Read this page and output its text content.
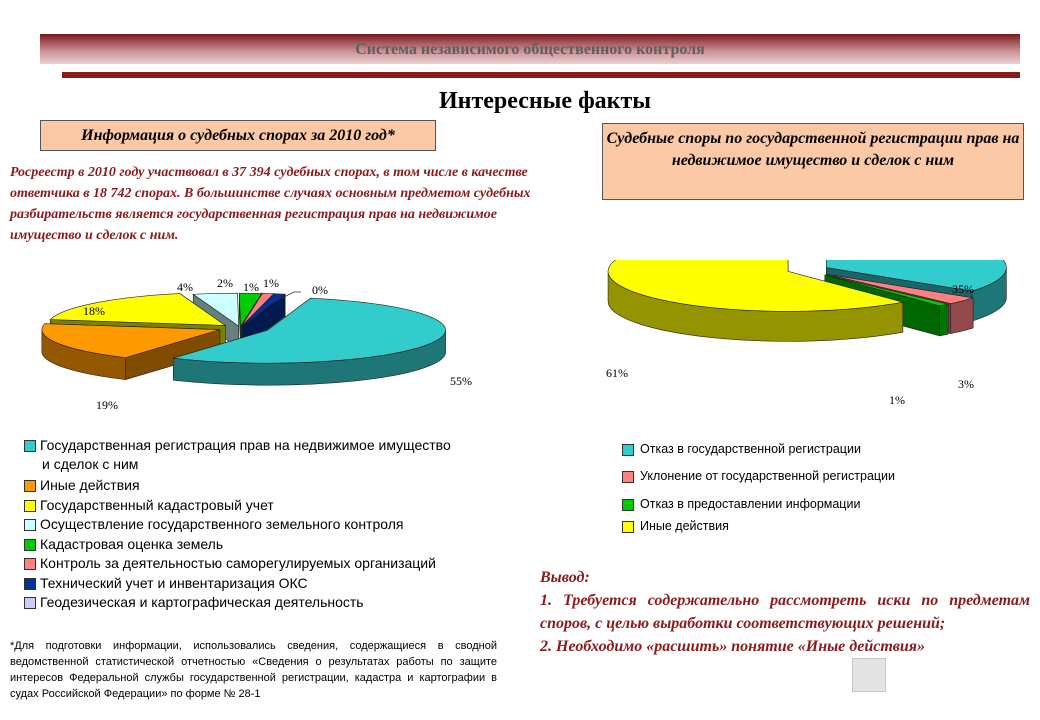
Система независимого общественного контроля
Интересные факты
Информация о судебных спорах за 2010 год*	Судебные споры по государственной регистрации прав на недвижимое имущество и сделок с ним
Росреестр в 2010 году участвовал в 37 394 судебных спорах, в том числе в качестве ответчика в 18 742 спорах. В большинстве случаях основным предметом судебных разбирательств является государственная регистрация прав на недвижимое имущество и сделок с ним.
55%
19%
18%
4% 2% 1% 1%	0%	35%
3%
1%
61%
Государственная регистрация прав на недвижимое имущество
и сделок с ним
Иные действия
Государственный кадастровый учет
Осуществление государственного земельного контроля
Кадастровая оценка земель
Контроль за деятельностью саморегулируемых организаций
Технический учет и инвентаризация ОКС
Геодезическая и картографическая деятельность
Отказ в государственной регистрации
Уклонение от государственной регистрации
Отказ в предоставлении информации
Иные действия
*Для подготовки информации, использовались сведения, содержащиеся в сводной ведомственной статистической отчетностью «Сведения о результатах работы по защите интересов Федеральной службы государственной регистрации, кадастра и картографии в судах Российской Федерации» по форме № 28-1
Вывод:
1. Требуется содержательно рассмотреть иски по предметам споров, с целью выработки соответствующих решений;
2. Необходимо «расшить» понятие «Иные действия»
